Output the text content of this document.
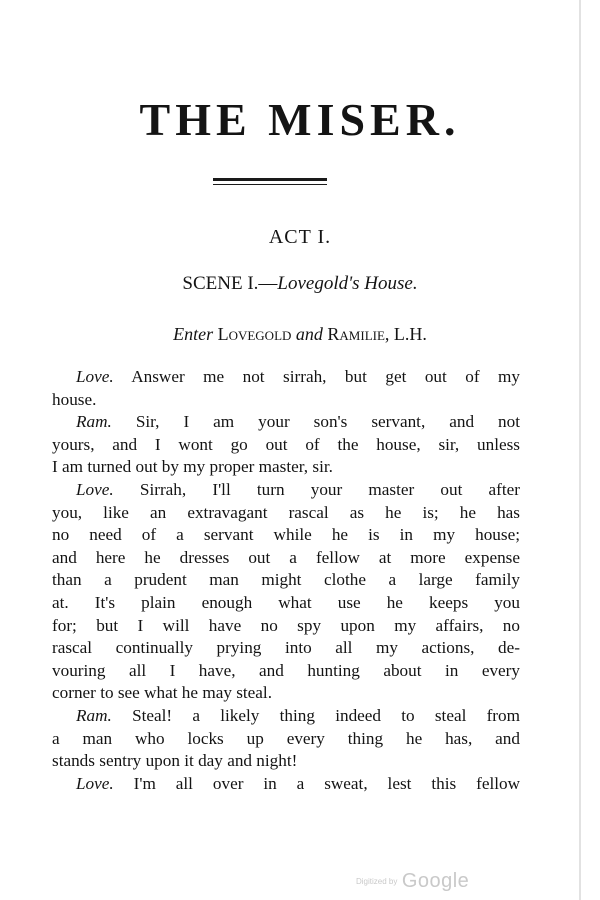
THE MISER.
ACT I.
SCENE I.—Lovegold's House.
Enter Lovegold and Ramilie, L.H.
Love. Answer me not sirrah, but get out of my
house.
Ram. Sir, I am your son's servant, and not
yours, and I wont go out of the house, sir, unless
I am turned out by my proper master, sir.
Love. Sirrah, I'll turn your master out after
you, like an extravagant rascal as he is; he has
no need of a servant while he is in my house;
and here he dresses out a fellow at more expense
than a prudent man might clothe a large family
at. It's plain enough what use he keeps you
for; but I will have no spy upon my affairs, no
rascal continually prying into all my actions, de-
vouring all I have, and hunting about in every
corner to see what he may steal.
Ram. Steal! a likely thing indeed to steal from
a man who locks up every thing he has, and
stands sentry upon it day and night!
Love. I'm all over in a sweat, lest this fellow
Digitized by Google
